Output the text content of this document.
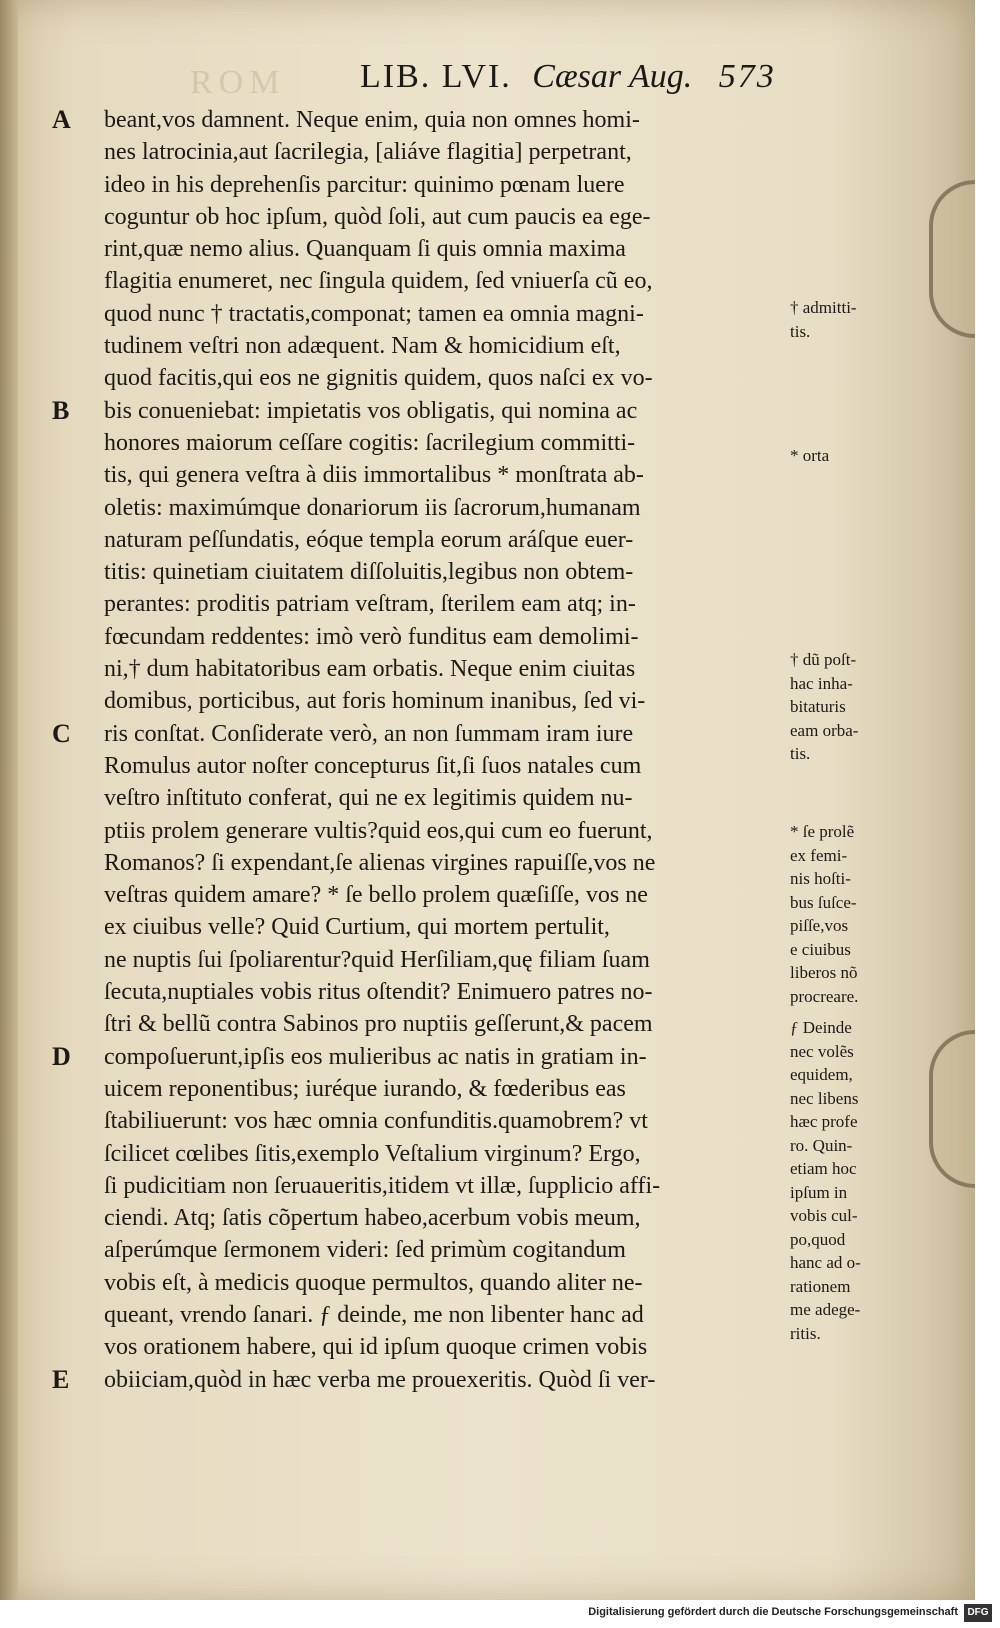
ROM LIB. LVI. Cæsar Aug. 573
A	beant,vos damnent. Neque enim, quia non omnes homi-
nes latrocinia,aut ſacrilegia, [aliáve flagitia] perpetrant,
ideo in his deprehenſis parcitur: quinimo pœnam luere
coguntur ob hoc ipſum, quòd ſoli, aut cum paucis ea ege-
rint,quæ nemo alius. Quanquam ſi quis omnia maxima
flagitia enumeret, nec ſingula quidem, ſed vniuerſa cũ eo,
quod nunc † tractatis,componat; tamen ea omnia magni-
tudinem veſtri non adæquent. Nam & homicidium eſt,
quod facitis,qui eos ne gignitis quidem, quos naſci ex vo-
B	bis conueniebat: impietatis vos obligatis, qui nomina ac
honores maiorum ceſſare cogitis: ſacrilegium committi-
tis, qui genera veſtra à diis immortalibus * monſtrata ab-
oletis: maximúmque donariorum iis ſacrorum,humanam
naturam peſſundatis, eóque templa eorum aráſque euer-
titis: quinetiam ciuitatem diſſoluitis,legibus non obtem-
perantes: proditis patriam veſtram, ſterilem eam atq; in-
fœcundam reddentes: imò verò funditus eam demolimi-
ni,† dum habitatoribus eam orbatis. Neque enim ciuitas
domibus, porticibus, aut foris hominum inanibus, ſed vi-
C	ris conſtat. Conſiderate verò, an non ſummam iram iure
Romulus autor noſter concepturus ſit,ſi ſuos natales cum
veſtro inſtituto conferat, qui ne ex legitimis quidem nu-
ptiis prolem generare vultis?quid eos,qui cum eo fuerunt,
Romanos? ſi expendant,ſe alienas virgines rapuiſſe,vos ne
veſtras quidem amare? * ſe bello prolem quæſiſſe, vos ne
ex ciuibus velle? Quid Curtium, qui mortem pertulit,
ne nuptis ſui ſpoliarentur?quid Herſiliam,quę filiam ſuam
ſecuta,nuptiales vobis ritus oſtendit? Enimuero patres no-
ſtri & bellũ contra Sabinos pro nuptiis geſſerunt,& pacem
D	compoſuerunt,ipſis eos mulieribus ac natis in gratiam in-
uicem reponentibus; iuréque iurando, & fœderibus eas
ſtabiliuerunt: vos hæc omnia confunditis.quamobrem? vt
ſcilicet cœlibes ſitis,exemplo Veſtalium virginum? Ergo,
ſi pudicitiam non ſeruaueritis,itidem vt illæ, ſupplicio affi-
ciendi. Atq; ſatis cõpertum habeo,acerbum vobis meum,
aſperúmque ſermonem videri: ſed primùm cogitandum
vobis eſt, à medicis quoque permultos, quando aliter ne-
queant, vrendo ſanari. ƒ deinde, me non libenter hanc ad
vos orationem habere, qui id ipſum quoque crimen vobis
E	obiiciam,quòd in hæc verba me prouexeritis. Quòd ſi ver-
† admitti-
tis.
* orta
† dũ poſt-
hac inha-
bitaturis
eam orba-
tis.
* ſe prolẽ
ex femi-
nis hoſti-
bus ſuſce-
piſſe,vos
e ciuibus
liberos nõ
procreare.
ƒ Deinde
nec volẽs
equidem,
nec libens
hæc profe
ro. Quin-
etiam hoc
ipſum in
vobis cul-
po,quod
hanc ad o-
rationem
me adege-
ritis.
Digitalisierung gefördert durch die Deutsche Forschungsgemeinschaft DFG
